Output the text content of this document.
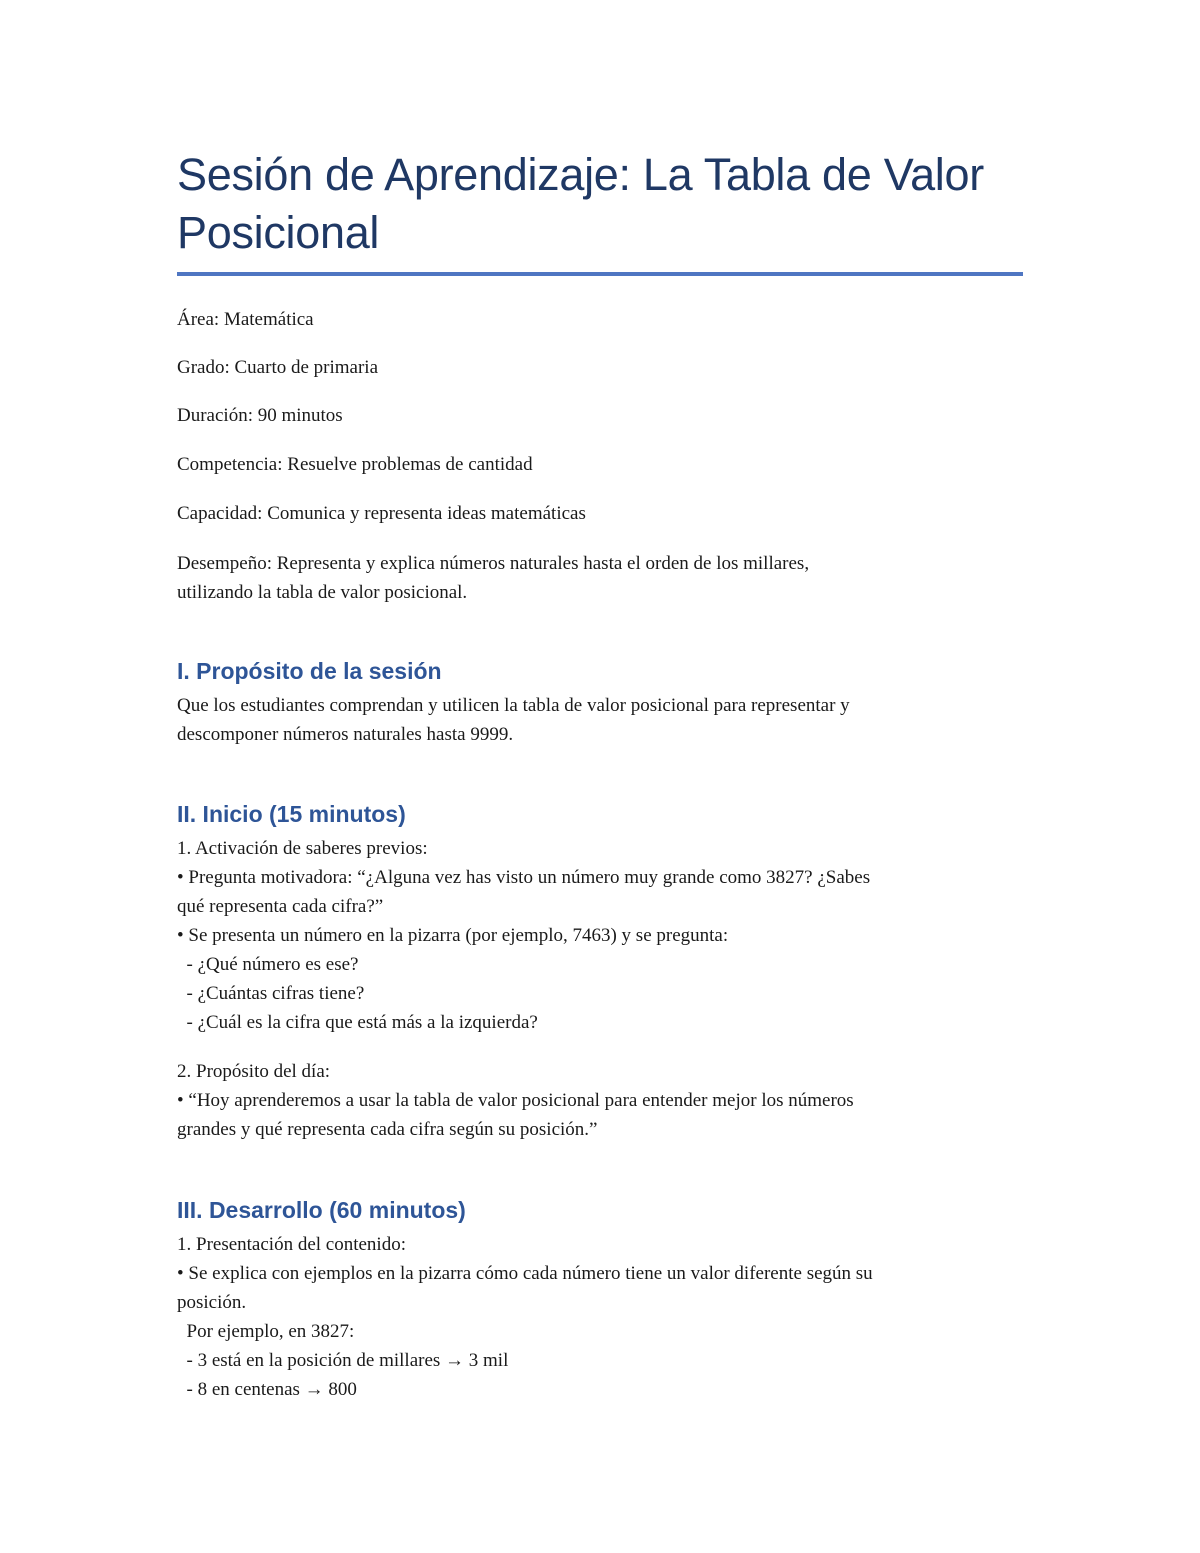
Sesión de Aprendizaje: La Tabla de Valor Posicional

Área: Matemática

Grado: Cuarto de primaria

Duración: 90 minutos

Competencia: Resuelve problemas de cantidad

Capacidad: Comunica y representa ideas matemáticas

Desempeño: Representa y explica números naturales hasta el orden de los millares,
utilizando la tabla de valor posicional.
I. Propósito de la sesión
Que los estudiantes comprendan y utilicen la tabla de valor posicional para representar y
descomponer números naturales hasta 9999.
II. Inicio (15 minutos)
1. Activación de saberes previos:
• Pregunta motivadora: “¿Alguna vez has visto un número muy grande como 3827? ¿Sabes
qué representa cada cifra?”
• Se presenta un número en la pizarra (por ejemplo, 7463) y se pregunta:
- ¿Qué número es ese?
- ¿Cuántas cifras tiene?
- ¿Cuál es la cifra que está más a la izquierda?
2. Propósito del día:
• “Hoy aprenderemos a usar la tabla de valor posicional para entender mejor los números
grandes y qué representa cada cifra según su posición.”
III. Desarrollo (60 minutos)
1. Presentación del contenido:
• Se explica con ejemplos en la pizarra cómo cada número tiene un valor diferente según su
posición.
Por ejemplo, en 3827:
- 3 está en la posición de millares → 3 mil
- 8 en centenas → 800
